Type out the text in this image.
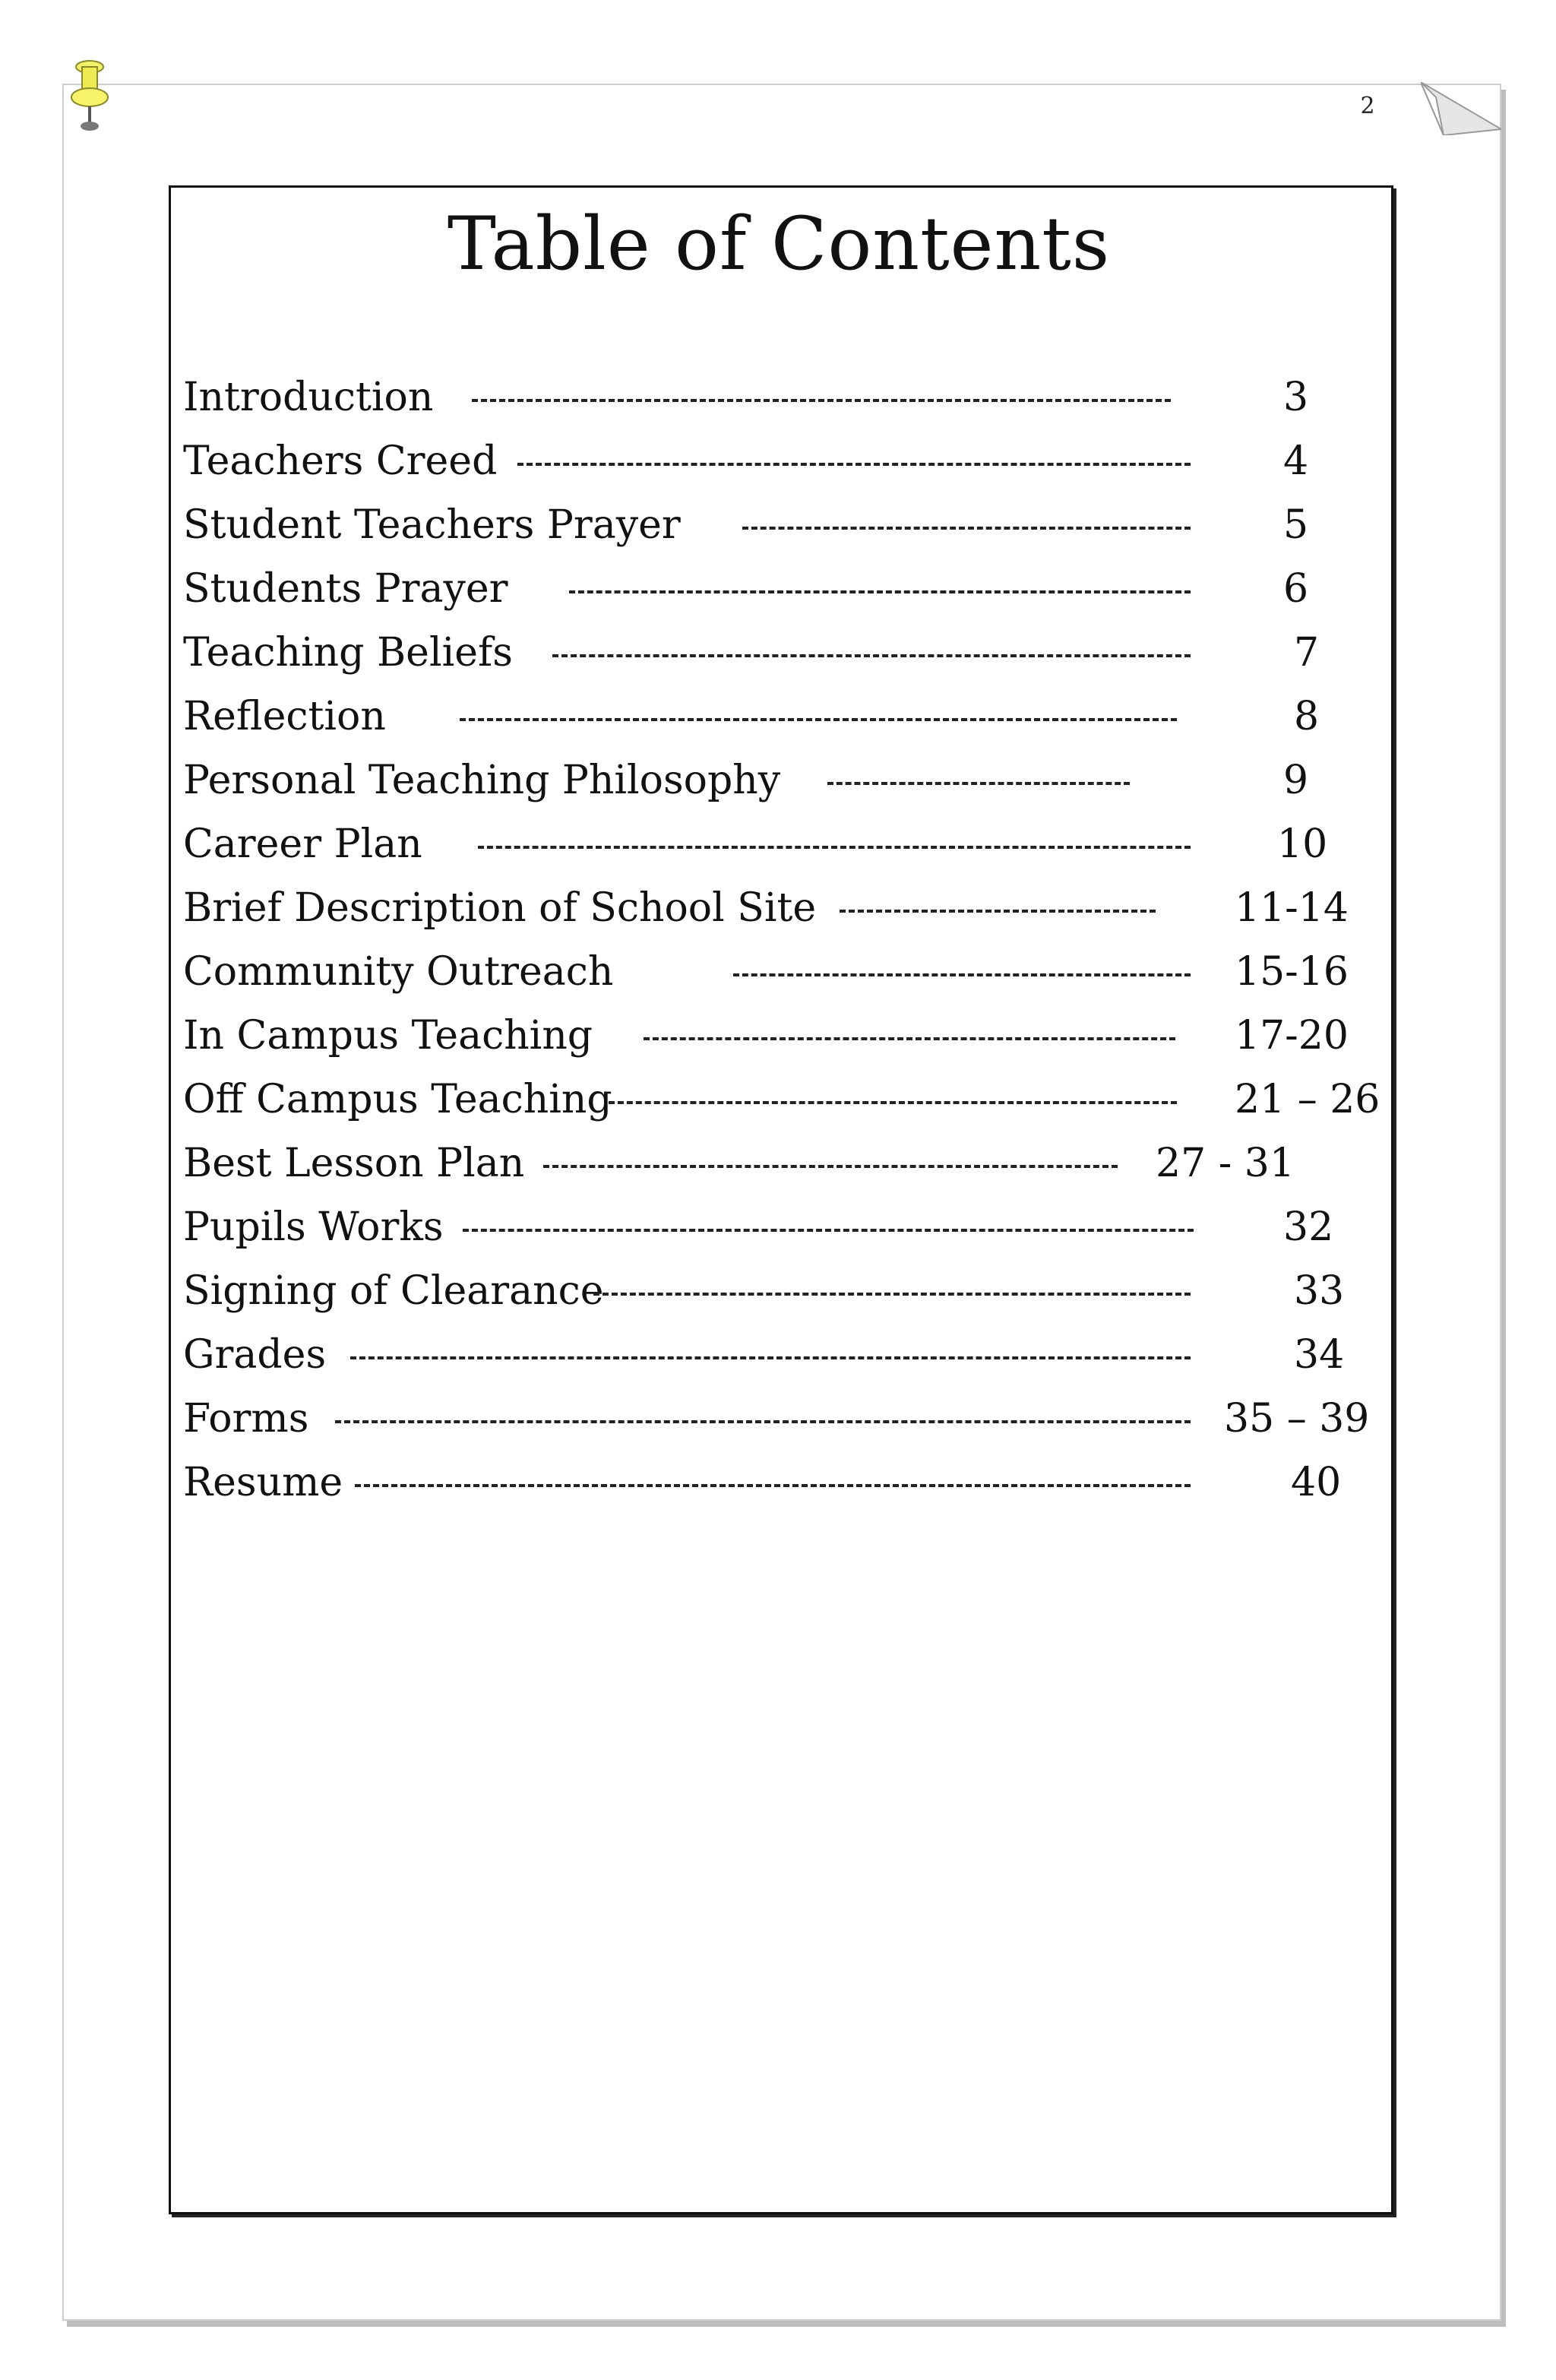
2
Table of Contents
Introduction	3
Teachers Creed	4
Student Teachers Prayer	5
Students Prayer	6
Teaching Beliefs	7
Reflection	8
Personal Teaching Philosophy	9
Career Plan	10
Brief Description of School Site	11-14
Community Outreach	15-16
In Campus Teaching	17-20
Off Campus Teaching	21 – 26
Best Lesson Plan	27 - 31
Pupils Works	32
Signing of Clearance	33
Grades	34
Forms	35 – 39
Resume	40
